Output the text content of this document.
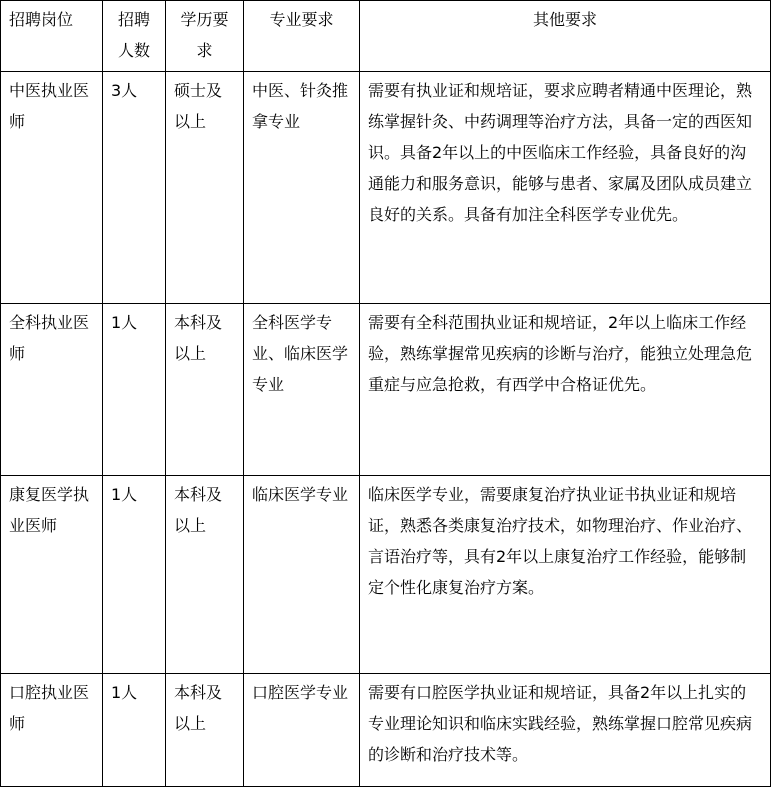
招聘岗位	招聘人数	学历要求	专业要求	其他要求
中医执业医师	3人	硕士及以上	中医、针灸推拿专业	需要有执业证和规培证，要求应聘者精通中医理论，熟练掌握针灸、中药调理等治疗方法，具备一定的西医知识。具备2年以上的中医临床工作经验，具备良好的沟通能力和服务意识，能够与患者、家属及团队成员建立良好的关系。具备有加注全科医学专业优先。
全科执业医师	1人	本科及以上	全科医学专业、临床医学专业	需要有全科范围执业证和规培证，2年以上临床工作经验，熟练掌握常见疾病的诊断与治疗，能独立处理急危重症与应急抢救，有西学中合格证优先。
康复医学执业医师	1人	本科及以上	临床医学专业	临床医学专业，需要康复治疗执业证书执业证和规培证，熟悉各类康复治疗技术，如物理治疗、作业治疗、言语治疗等，具有2年以上康复治疗工作经验，能够制定个性化康复治疗方案。
口腔执业医师	1人	本科及以上	口腔医学专业	需要有口腔医学执业证和规培证，具备2年以上扎实的专业理论知识和临床实践经验，熟练掌握口腔常见疾病的诊断和治疗技术等。
